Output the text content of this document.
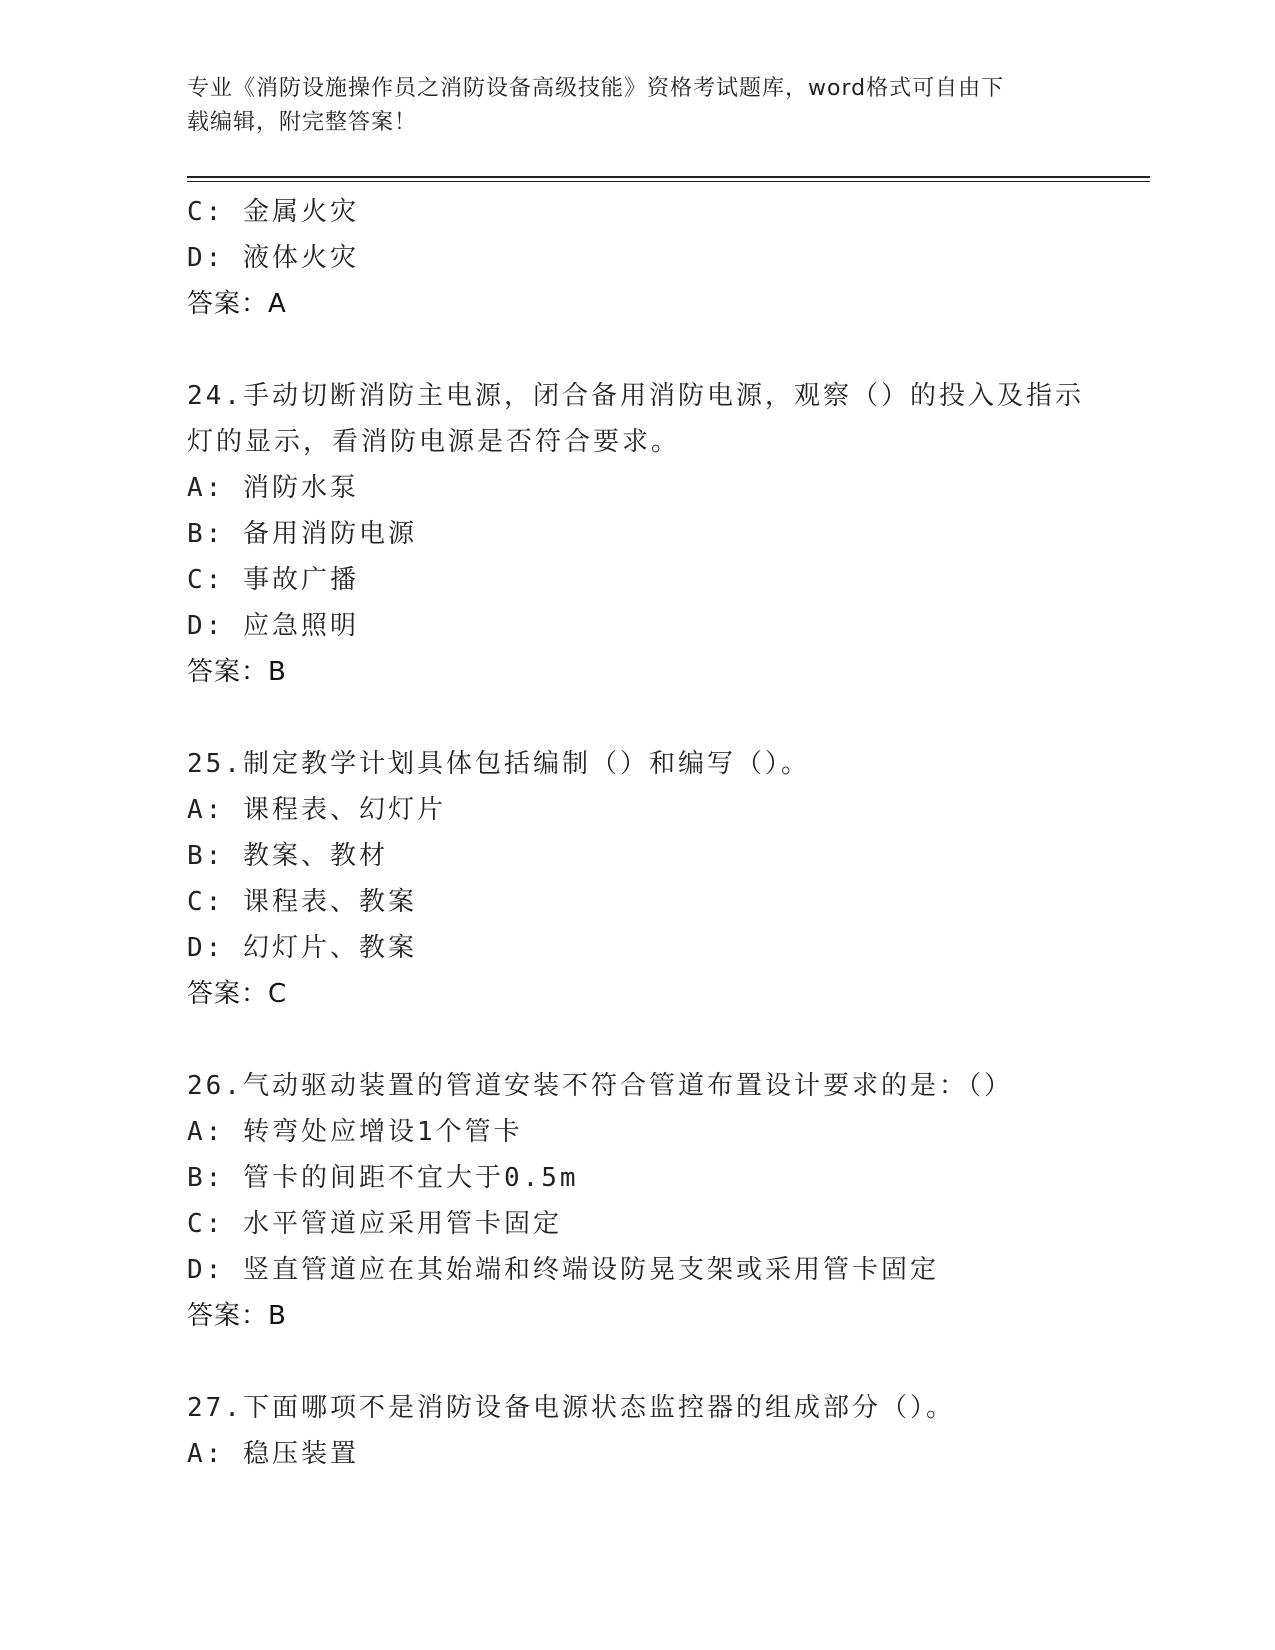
专业《消防设施操作员之消防设备高级技能》资格考试题库，word格式可自由下
载编辑，附完整答案！
C: 金属火灾
D: 液体火灾
答案：A
24.手动切断消防主电源，闭合备用消防电源，观察（）的投入及指示
灯的显示，看消防电源是否符合要求。
A: 消防水泵
B: 备用消防电源
C: 事故广播
D: 应急照明
答案：B
25.制定教学计划具体包括编制（）和编写（）。
A: 课程表、幻灯片
B: 教案、教材
C: 课程表、教案
D: 幻灯片、教案
答案：C
26.气动驱动装置的管道安装不符合管道布置设计要求的是：（）
A: 转弯处应增设1个管卡
B: 管卡的间距不宜大于0.5m
C: 水平管道应采用管卡固定
D: 竖直管道应在其始端和终端设防晃支架或采用管卡固定
答案：B
27.下面哪项不是消防设备电源状态监控器的组成部分（）。
A: 稳压装置
